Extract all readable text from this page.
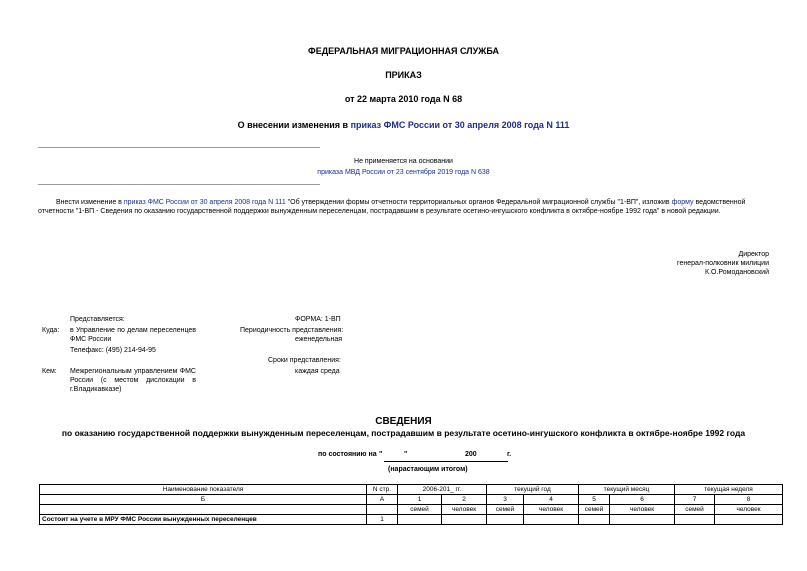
ФЕДЕРАЛЬНАЯ МИГРАЦИОННАЯ СЛУЖБА
ПРИКАЗ
от 22 марта 2010 года N 68
О внесении изменения в приказ ФМС России от 30 апреля 2008 года N 111
Не применяется на основании
приказа МВД России от 23 сентября 2019 года N 638
Внести изменение в приказ ФМС России от 30 апреля 2008 года N 111 "Об утверждении формы отчетности территориальных органов Федеральной миграционной службы "1-ВП", изложив форму ведомственной отчетности "1-ВП - Сведения по оказанию государственной поддержки вынужденным переселенцам, пострадавшим в результате осетино-ингушского конфликта в октябре-ноябре 1992 года" в новой редакции.
Директор
генерал-полковник милиции
К.О.Ромодановский
Представляется:	ФОРМА: 1-ВП
Куда: в Управление по делам переселенцев ФМС России
Периодичность представления:
еженедельная
Телефакс: (495) 214-94-95
Сроки представления:
Кем: Межрегиональным управлением ФМС России (с местом дислокации в г.Владикавказе)
каждая среда
СВЕДЕНИЯ
по оказанию государственной поддержки вынужденным переселенцам, пострадавшим в результате осетино-ингушского конфликта в октябре-ноябре 1992 года
по состоянию на "	"	200	г.
(нарастающим итогом)
Наименование показателя	N стр.	2006-201_ гг.		текущий год		текущий месяц		текущая неделя	
Б	А	1	2	3	4	5	6	7	8
		семей	человек	семей	человек	семей	человек	семей	человек
Состоит на учете в МРУ ФМС России вынужденных переселенцев	1								
